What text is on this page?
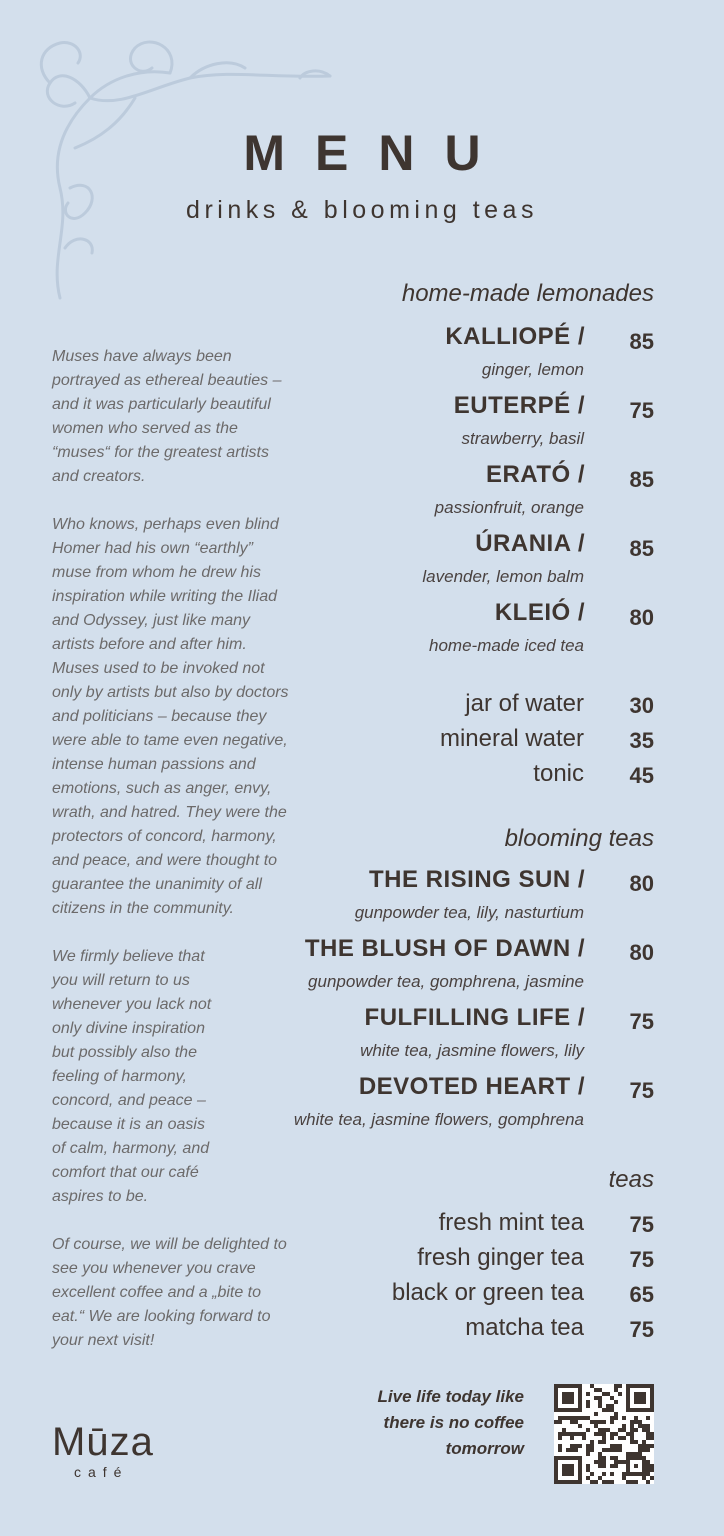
MENU
drinks & blooming teas

Muses have always been portrayed as ethereal beauties – and it was particularly beautiful women who served as the “muses“ for the greatest artists and creators.

Who knows, perhaps even blind Homer had his own “earthly” muse from whom he drew his inspiration while writing the Iliad and Odyssey, just like many artists before and after him. Muses used to be invoked not only by artists but also by doctors and politicians – because they were able to tame even negative, intense human passions and emotions, such as anger, envy, wrath, and hatred. They were the protectors of concord, harmony, and peace, and were thought to guarantee the unanimity of all citizens in the community.

We firmly believe that you will return to us whenever you lack not only divine inspiration but possibly also the feeling of harmony, concord, and peace – because it is an oasis of calm, harmony, and comfort that our café aspires to be.

Of course, we will be delighted to see you whenever you crave excellent coffee and a „bite to eat.“ We are looking forward to your next visit!

home-made lemonades
KALLIOPÉ / 85
ginger, lemon
EUTERPÉ / 75
strawberry, basil
ERATÓ / 85
passionfruit, orange
ÚRANIA / 85
lavender, lemon balm
KLEIÓ / 80
home-made iced tea
jar of water 30
mineral water 35
tonic 45
blooming teas
THE RISING SUN / 80
gunpowder tea, lily, nasturtium
THE BLUSH OF DAWN / 80
gunpowder tea, gomphrena, jasmine
FULFILLING LIFE / 75
white tea, jasmine flowers, lily
DEVOTED HEART / 75
white tea, jasmine flowers, gomphrena
teas
fresh mint tea 75
fresh ginger tea 75
black or green tea 65
matcha tea 75
Mūza
café
Live life today like
there is no coffee
tomorrow
